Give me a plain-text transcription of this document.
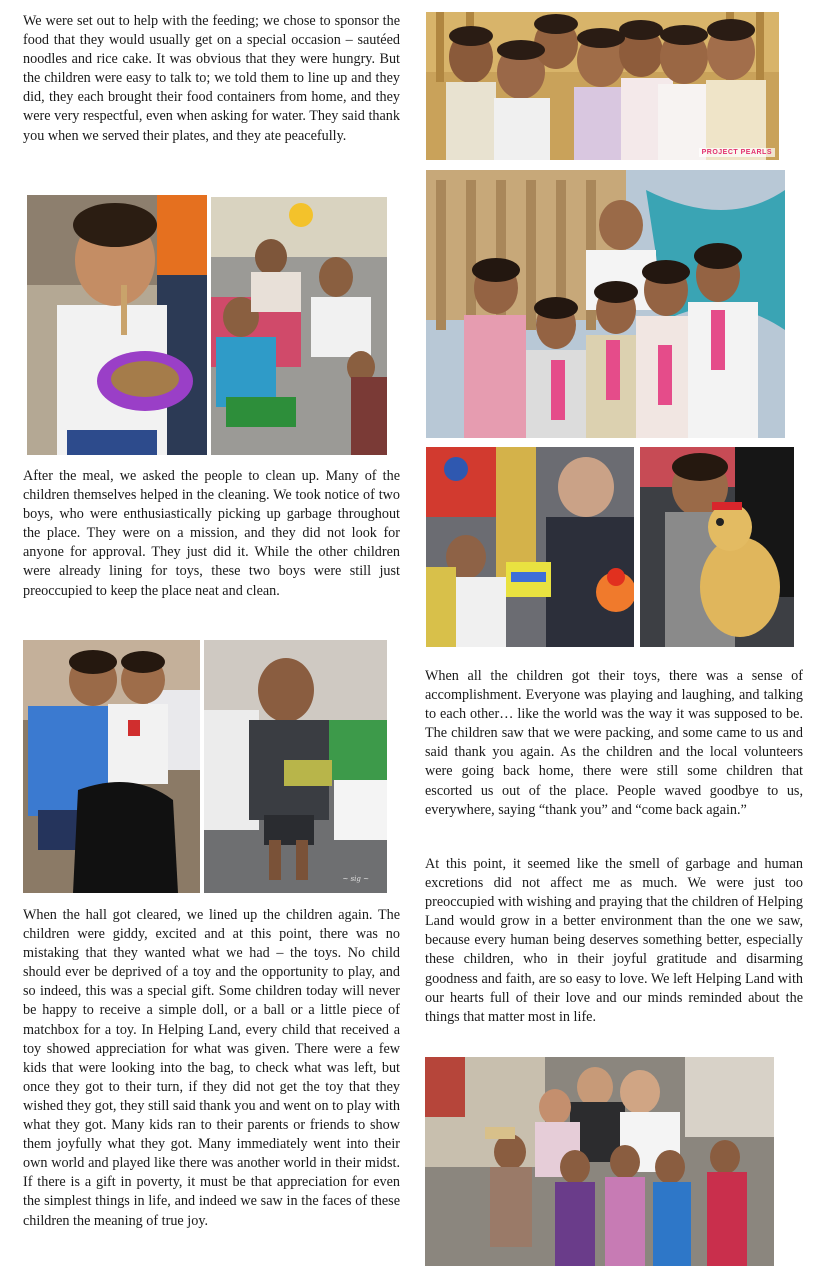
We were set out to help with the feeding; we chose to sponsor the food that they would usually get on a special occasion – sautéed noodles and rice cake. It was obvious that they were hungry. But the children were easy to talk to; we told them to line up and they did, they each brought their food containers from home, and they were very respectful, even when asking for water. They said thank you when we served their plates, and they ate peacefully.

After the meal, we asked the people to clean up. Many of the children themselves helped in the cleaning. We took notice of two boys, who were enthusiastically picking up garbage throughout the place. They were on a mission, and they did not look for anyone for approval. They just did it. While the other children were already lining for toys, these two boys were still just preoccupied to keep the place neat and clean.

When the hall got cleared, we lined up the children again. The children were giddy, excited and at this point, there was no mistaking that they wanted what we had – the toys. No child should ever be deprived of a toy and the opportunity to play, and so indeed, this was a special gift. Some children today will never be happy to receive a simple doll, or a ball or a little piece of matchbox for a toy. In Helping Land, every child that received a toy showed appreciation for what was given. There were a few kids that were looking into the bag, to check what was left, but once they got to their turn, if they did not get the toy that they wished they got, they still said thank you and went on to play with what they got. Many kids ran to their parents or friends to show them joyfully what they got. Many immediately went into their own world and played like there was another world in their midst. If there is a gift in poverty, it must be that appreciation for even the simplest things in life, and indeed we saw in the faces of these children the meaning of true joy.

When all the children got their toys, there was a sense of accomplishment. Everyone was playing and laughing, and talking to each other… like the world was the way it was supposed to be. The children saw that we were packing, and some came to us and said thank you again. As the children and the local volunteers were going back home, there were still some children that escorted us out of the place. People waved goodbye to us, everywhere, saying “thank you” and “come back again.”

At this point, it seemed like the smell of garbage and human excretions did not affect me as much. We were just too preoccupied with wishing and praying that the children of Helping Land would grow in a better environment than the one we saw, because every human being deserves something better, especially these children, who in their joyful gratitude and disarming goodness and faith, are so easy to love. We left Helping Land with our hearts full of their love and our minds reminded about the things that matter most in life.

PROJECT PEARLS
~ sig ~
